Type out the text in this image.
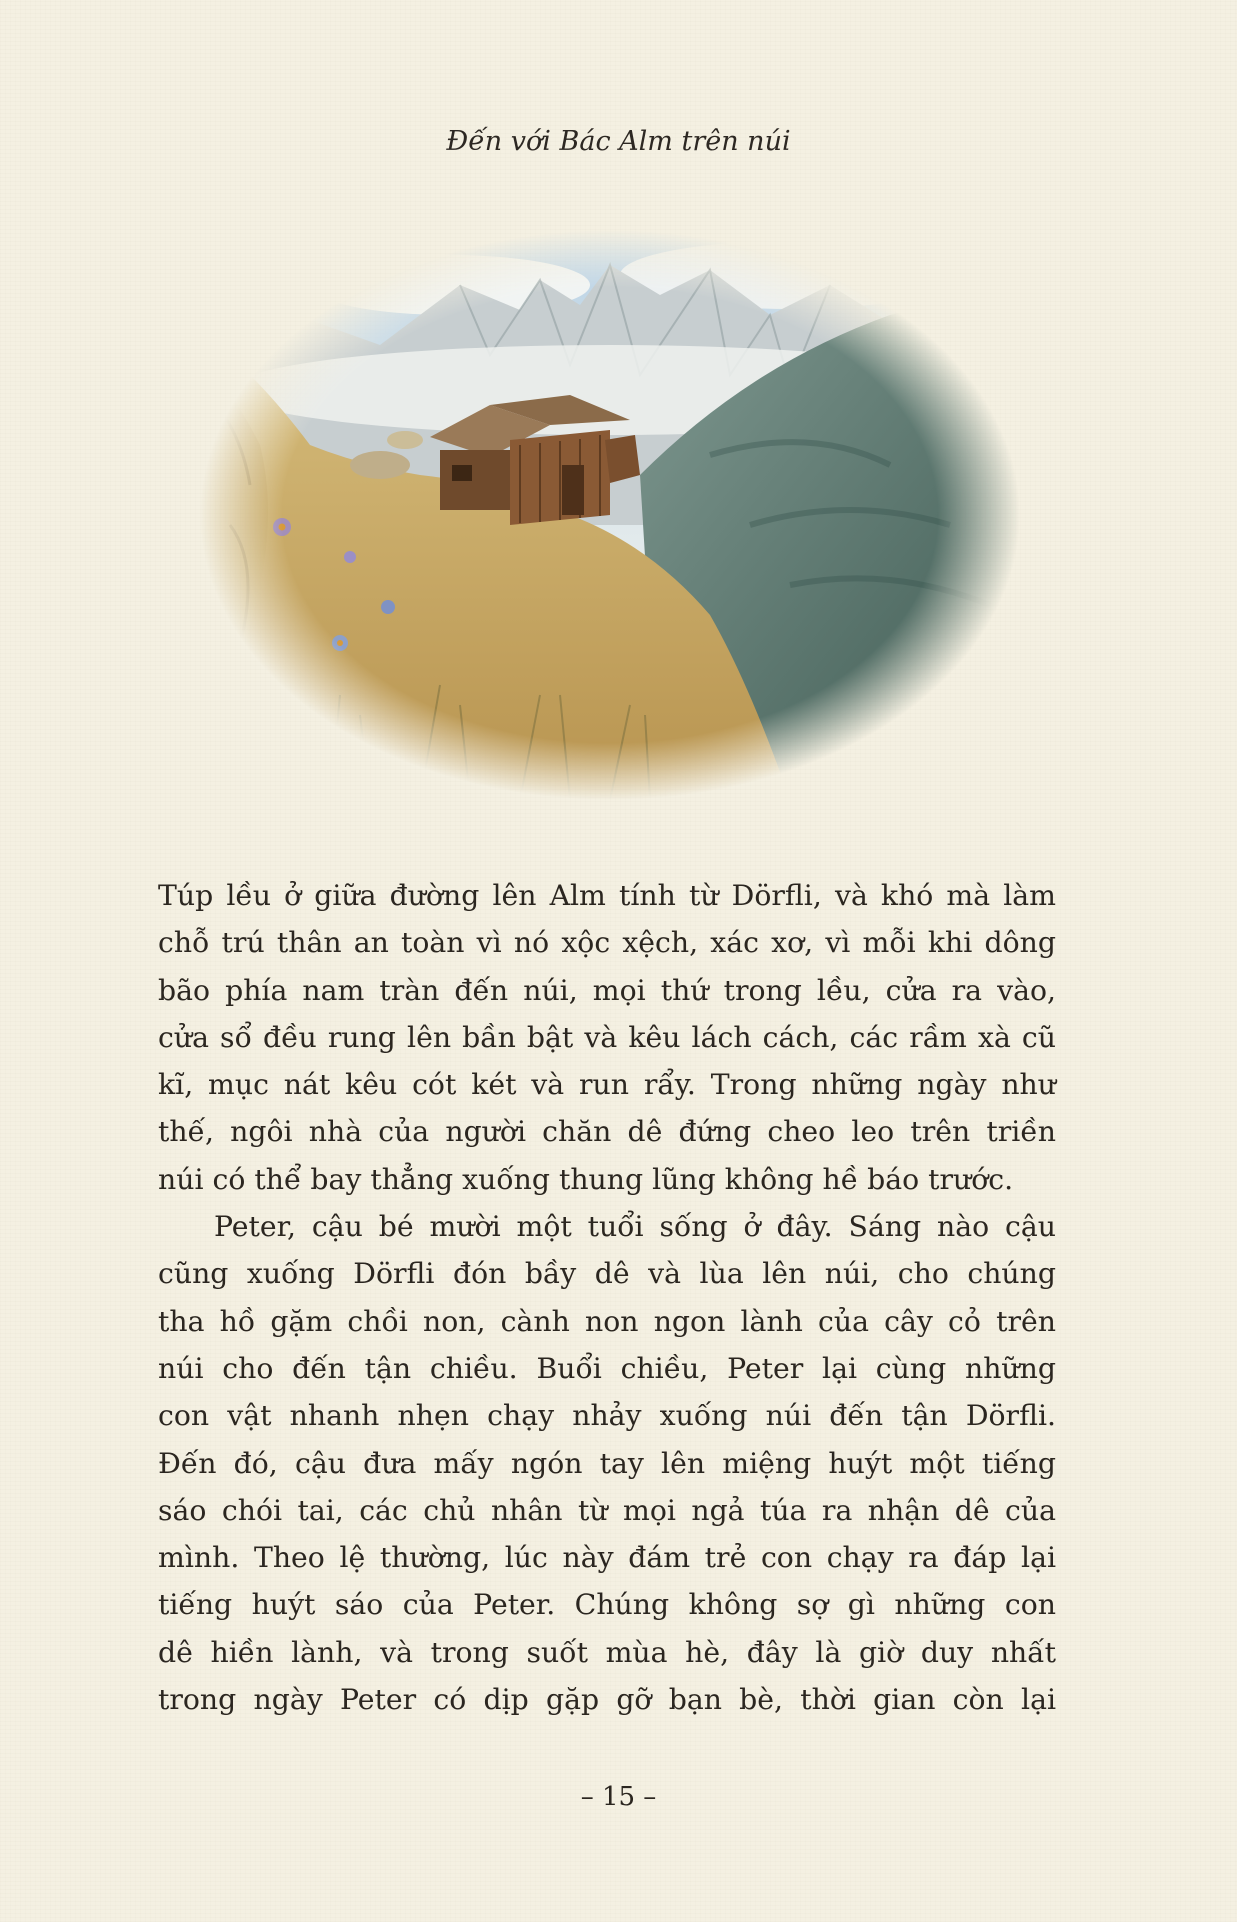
Đến với Bác Alm trên núi

Túp lều ở giữa đường lên Alm tính từ Dörfli, và khó mà làm
chỗ trú thân an toàn vì nó xộc xệch, xác xơ, vì mỗi khi dông
bão phía nam tràn đến núi, mọi thứ trong lều, cửa ra vào,
cửa sổ đều rung lên bần bật và kêu lách cách, các rầm xà cũ
kĩ, mục nát kêu cót két và run rẩy. Trong những ngày như
thế, ngôi nhà của người chăn dê đứng cheo leo trên triền
núi có thể bay thẳng xuống thung lũng không hề báo trước.

Peter, cậu bé mười một tuổi sống ở đây. Sáng nào cậu
cũng xuống Dörfli đón bầy dê và lùa lên núi, cho chúng
tha hồ gặm chồi non, cành non ngon lành của cây cỏ trên
núi cho đến tận chiều. Buổi chiều, Peter lại cùng những
con vật nhanh nhẹn chạy nhảy xuống núi đến tận Dörfli.
Đến đó, cậu đưa mấy ngón tay lên miệng huýt một tiếng
sáo chói tai, các chủ nhân từ mọi ngả túa ra nhận dê của
mình. Theo lệ thường, lúc này đám trẻ con chạy ra đáp lại
tiếng huýt sáo của Peter. Chúng không sợ gì những con
dê hiền lành, và trong suốt mùa hè, đây là giờ duy nhất
trong ngày Peter có dịp gặp gỡ bạn bè, thời gian còn lại

– 15 –
